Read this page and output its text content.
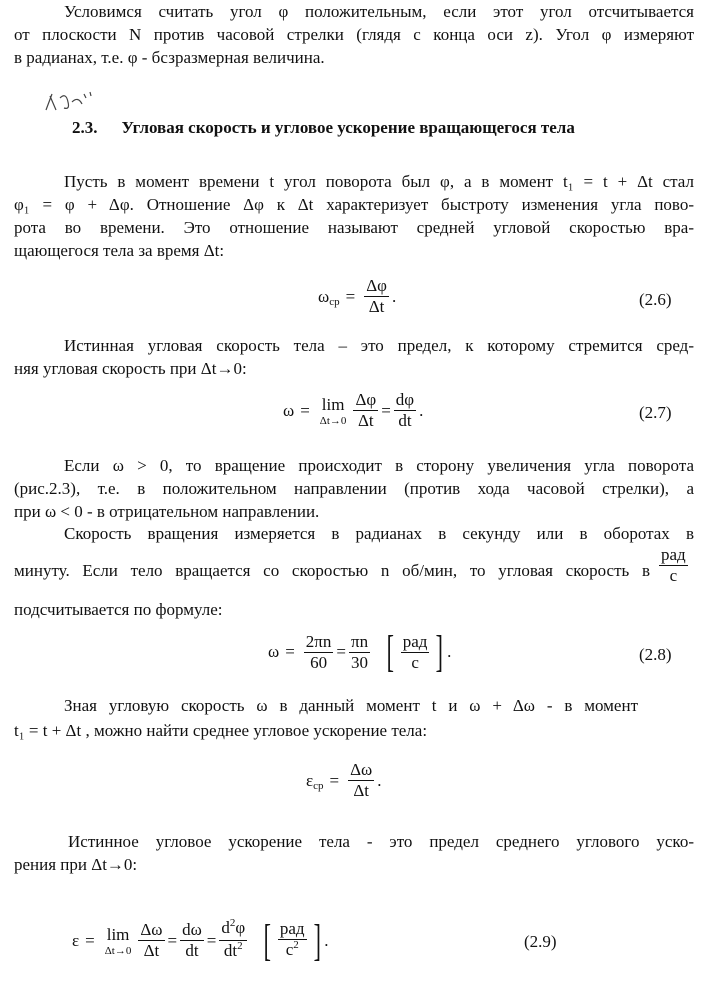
Условимся считать угол φ положительным, если этот угол отсчитывается
от плоскости N против часовой стрелки (глядя с конца оси z). Угол φ измеряют
в радианах, т.е. φ - бсзразмерная величина.
2.3. Угловая скорость и угловое ускорение вращающегося тела
Пусть в момент времени t угол поворота был φ, а в момент t₁ = t + Δt стал
φ₁ = φ + Δφ. Отношение Δφ к Δt характеризует быстроту изменения угла пово-
рота во времени. Это отношение называют средней угловой скоростью вра-
щающегося тела за время Δt:
ω ср = $\frac{\Delta\varphi}{\Delta t}$ .	(2.6)
Истинная угловая скорость тела – это предел, к которому стремится сред-
няя угловая скорость при Δt→0:
ω = lim
$\Delta t\to 0 \frac{\Delta\varphi}{\Delta t} = \frac{d\varphi}{dt}$ .	(2.7)
Если ω > 0, то вращение происходит в сторону увеличения угла поворота
(рис.2.3), т.е. в положительном направлении (против хода часовой стрелки), а
при ω < 0 - в отрицательном направлении.
Скорость вращения измеряется в радианах в секунду или в оборотах в
минуту. Если тело вращается со скоростью n об/мин, то угловая скорость в
рад
с
подсчитывается по формуле:
$\omega = \frac{2\pi n}{60} = \frac{\pi n}{30}$ [ $\frac{\text{рад}}{с}$ ] .	(2.8)
Зная угловую скорость ω в данный момент t и ω + Δω - в момент
t₁ = t + Δt , можно найти среднее угловое ускорение тела:
ε ср = $\frac{\Delta\omega}{\Delta t}$ .
Истинное угловое ускорение тела - это предел среднего углового уско-
рения при Δt→0:
ε = lim
$\Delta t\to 0 \frac{\Delta\omega}{\Delta t} = \frac{d\omega}{dt} = \frac{d^2\varphi}{dt^2}$ [ $\frac{\text{рад}}{с^2}$ ] .	(2.9)
